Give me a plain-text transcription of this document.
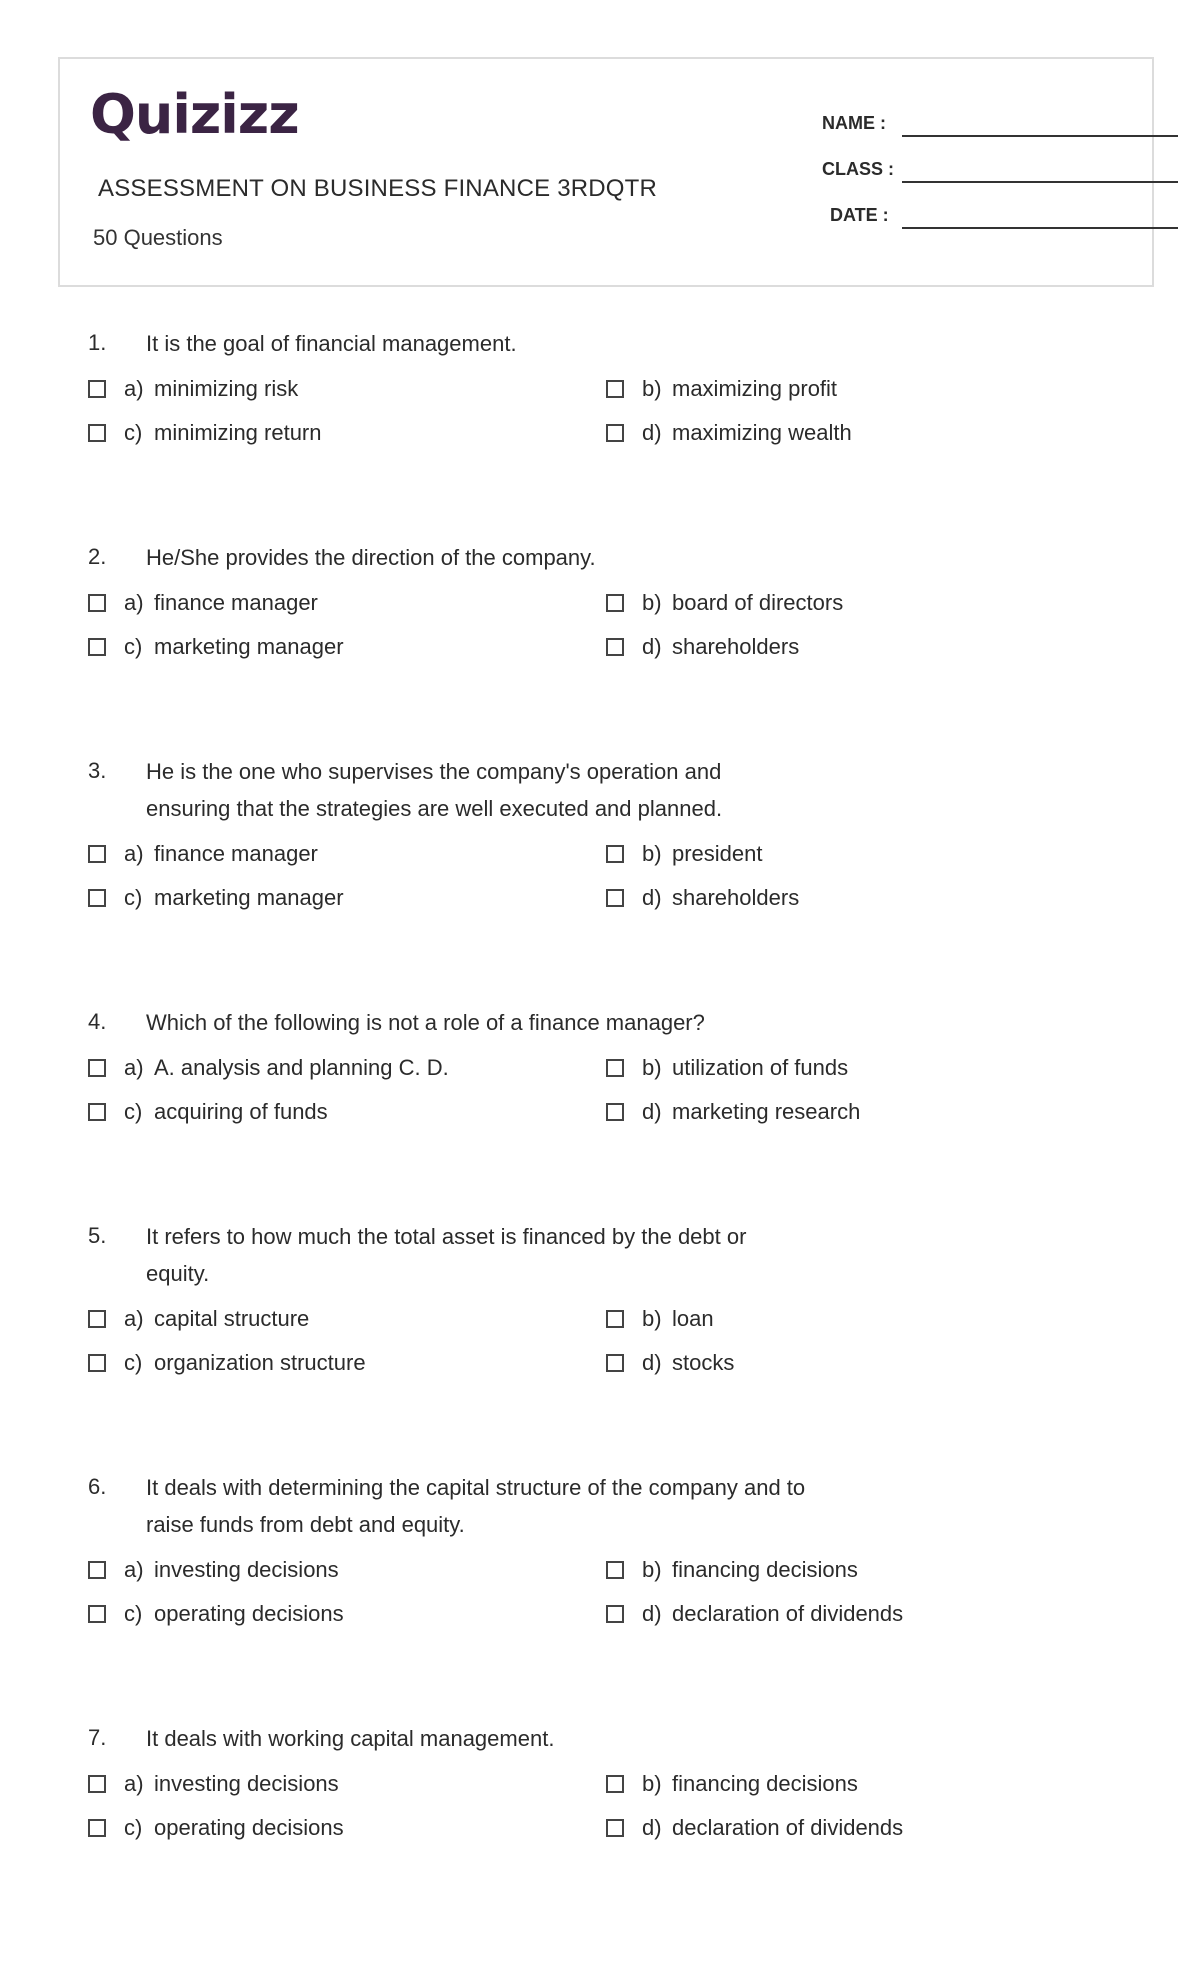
Quizizz
ASSESSMENT ON BUSINESS FINANCE 3RDQTR
50 Questions
NAME :
CLASS :
DATE :
1. It is the goal of financial management.
a) minimizing risk	b) maximizing profit
c) minimizing return	d) maximizing wealth
2. He/She provides the direction of the company.
a) finance manager	b) board of directors
c) marketing manager	d) shareholders
3. He is the one who supervises the company's operation and ensuring that the strategies are well executed and planned.
a) finance manager	b) president
c) marketing manager	d) shareholders
4. Which of the following is not a role of a finance manager?
a) A. analysis and planning C. D.	b) utilization of funds
c) acquiring of funds	d) marketing research
5. It refers to how much the total asset is financed by the debt or equity.
a) capital structure	b) loan
c) organization structure	d) stocks
6. It deals with determining the capital structure of the company and to raise funds from debt and equity.
a) investing decisions	b) financing decisions
c) operating decisions	d) declaration of dividends
7. It deals with working capital management.
a) investing decisions	b) financing decisions
c) operating decisions	d) declaration of dividends
